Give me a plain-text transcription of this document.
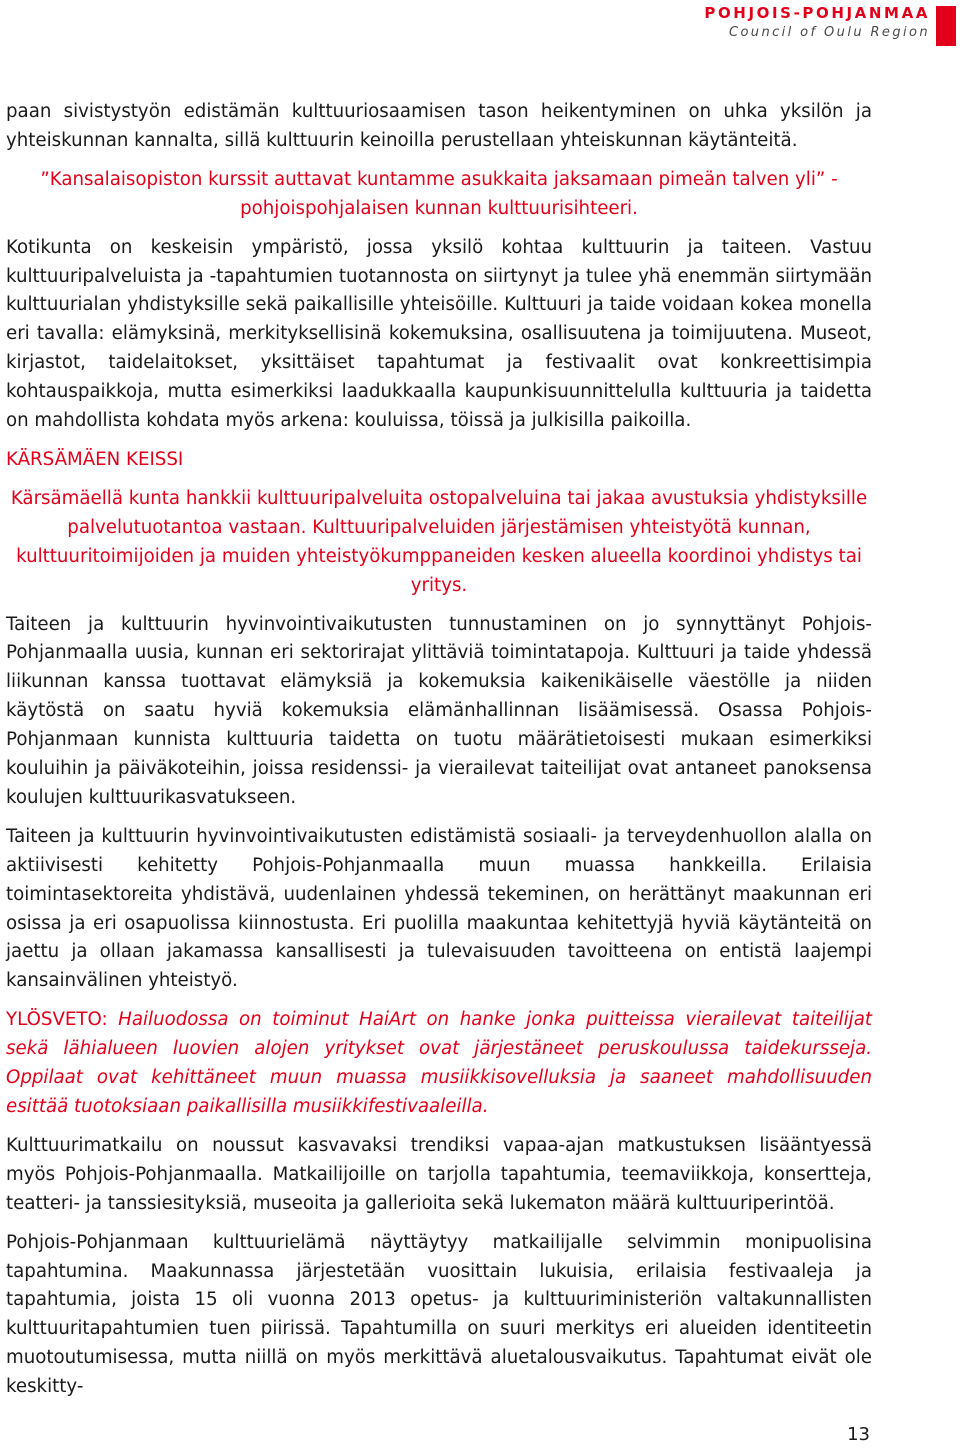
POHJOIS-POHJANMAA
Council of Oulu Region

paan sivistystyön edistämän kulttuuriosaamisen tason heikentyminen on uhka yksilön ja yhteiskunnan kannalta, sillä kulttuurin keinoilla perustellaan yhteiskunnan käytänteitä.

”Kansalaisopiston kurssit auttavat kuntamme asukkaita jaksamaan pimeän talven yli” - pohjoispohjalaisen kunnan kulttuurisihteeri.

Kotikunta on keskeisin ympäristö, jossa yksilö kohtaa kulttuurin ja taiteen. Vastuu kulttuuripalveluista ja -tapahtumien tuotannosta on siirtynyt ja tulee yhä enemmän siirtymään kulttuurialan yhdistyksille sekä paikallisille yhteisöille. Kulttuuri ja taide voidaan kokea monella eri tavalla: elämyksinä, merkityksellisinä kokemuksina, osallisuutena ja toimijuutena. Museot, kirjastot, taidelaitokset, yksittäiset tapahtumat ja festivaalit ovat konkreettisimpia kohtauspaikkoja, mutta esimerkiksi laadukkaalla kaupunkisuunnittelulla kulttuuria ja taidetta on mahdollista kohdata myös arkena: kouluissa, töissä ja julkisilla paikoilla.

KÄRSÄMÄEN KEISSI

Kärsämäellä kunta hankkii kulttuuripalveluita ostopalveluina tai jakaa avustuksia yhdistyksille palvelutuotantoa vastaan. Kulttuuripalveluiden järjestämisen yhteistyötä kunnan, kulttuuritoimijoiden ja muiden yhteistyökumppaneiden kesken alueella koordinoi yhdistys tai yritys.

Taiteen ja kulttuurin hyvinvointivaikutusten tunnustaminen on jo synnyttänyt Pohjois-Pohjanmaalla uusia, kunnan eri sektorirajat ylittäviä toimintatapoja. Kulttuuri ja taide yhdessä liikunnan kanssa tuottavat elämyksiä ja kokemuksia kaikenikäiselle väestölle ja niiden käytöstä on saatu hyviä kokemuksia elämänhallinnan lisäämisessä. Osassa Pohjois-Pohjanmaan kunnista kulttuuria taidetta on tuotu määrätietoisesti mukaan esimerkiksi kouluihin ja päiväkoteihin, joissa residenssi- ja vierailevat taiteilijat ovat antaneet panoksensa koulujen kulttuurikasvatukseen.

Taiteen ja kulttuurin hyvinvointivaikutusten edistämistä sosiaali- ja terveydenhuollon alalla on aktiivisesti kehitetty Pohjois-Pohjanmaalla muun muassa hankkeilla. Erilaisia toimintasektoreita yhdistävä, uudenlainen yhdessä tekeminen, on herättänyt maakunnan eri osissa ja eri osapuolissa kiinnostusta. Eri puolilla maakuntaa kehitettyjä hyviä käytänteitä on jaettu ja ollaan jakamassa kansallisesti ja tulevaisuuden tavoitteena on entistä laajempi kansainvälinen yhteistyö.

YLÖSVETO: Hailuodossa on toiminut HaiArt on hanke jonka puitteissa vierailevat taiteilijat sekä lähialueen luovien alojen yritykset ovat järjestäneet peruskoulussa taidekursseja. Oppilaat ovat kehittäneet muun muassa musiikkisovelluksia ja saaneet mahdollisuuden esittää tuotoksiaan paikallisilla musiikkifestivaaleilla.

Kulttuurimatkailu on noussut kasvavaksi trendiksi vapaa-ajan matkustuksen lisääntyessä myös Pohjois-Pohjanmaalla. Matkailijoille on tarjolla tapahtumia, teemaviikkoja, konsertteja, teatteri- ja tanssiesityksiä, museoita ja gallerioita sekä lukematon määrä kulttuuriperintöä.

Pohjois-Pohjanmaan kulttuurielämä näyttäytyy matkailijalle selvimmin monipuolisina tapahtumina. Maakunnassa järjestetään vuosittain lukuisia, erilaisia festivaaleja ja tapahtumia, joista 15 oli vuonna 2013 opetus- ja kulttuuriministeriön valtakunnallisten kulttuuritapahtumien tuen piirissä. Tapahtumilla on suuri merkitys eri alueiden identiteetin muotoutumisessa, mutta niillä on myös merkittävä aluetalousvaikutus. Tapahtumat eivät ole keskitty-

13
